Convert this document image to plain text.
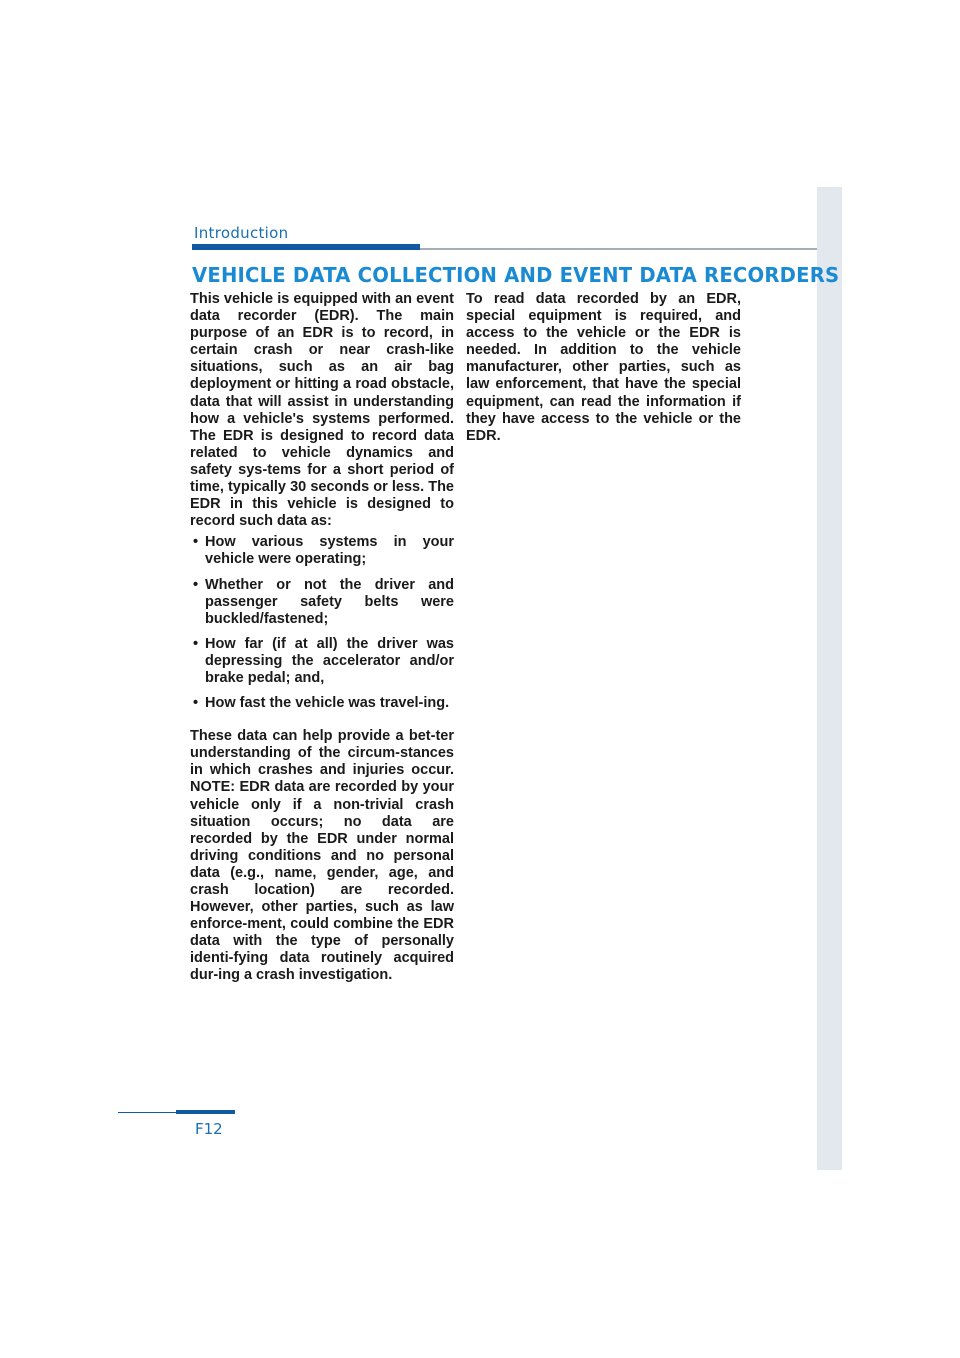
Introduction
VEHICLE DATA COLLECTION AND EVENT DATA RECORDERS

This vehicle is equipped with an event data recorder (EDR). The main purpose of an EDR is to record, in certain crash or near crash-like situations, such as an air bag deployment or hitting a road obstacle, data that will assist in understanding how a vehicle's systems performed. The EDR is designed to record data related to vehicle dynamics and safety sys-tems for a short period of time, typically 30 seconds or less. The EDR in this vehicle is designed to record such data as:

• How various systems in your vehicle were operating;
• Whether or not the driver and passenger safety belts were buckled/fastened;
• How far (if at all) the driver was depressing the accelerator and/or brake pedal; and,
• How fast the vehicle was travel-ing.

These data can help provide a bet-ter understanding of the circum-stances in which crashes and injuries occur. NOTE: EDR data are recorded by your vehicle only if a non-trivial crash situation occurs; no data are recorded by the EDR under normal driving conditions and no personal data (e.g., name, gender, age, and crash location) are recorded. However, other parties, such as law enforce-ment, could combine the EDR data with the type of personally identi-fying data routinely acquired dur-ing a crash investigation.

To read data recorded by an EDR, special equipment is required, and access to the vehicle or the EDR is needed. In addition to the vehicle manufacturer, other parties, such as law enforcement, that have the special equipment, can read the information if they have access to the vehicle or the EDR.

F12
